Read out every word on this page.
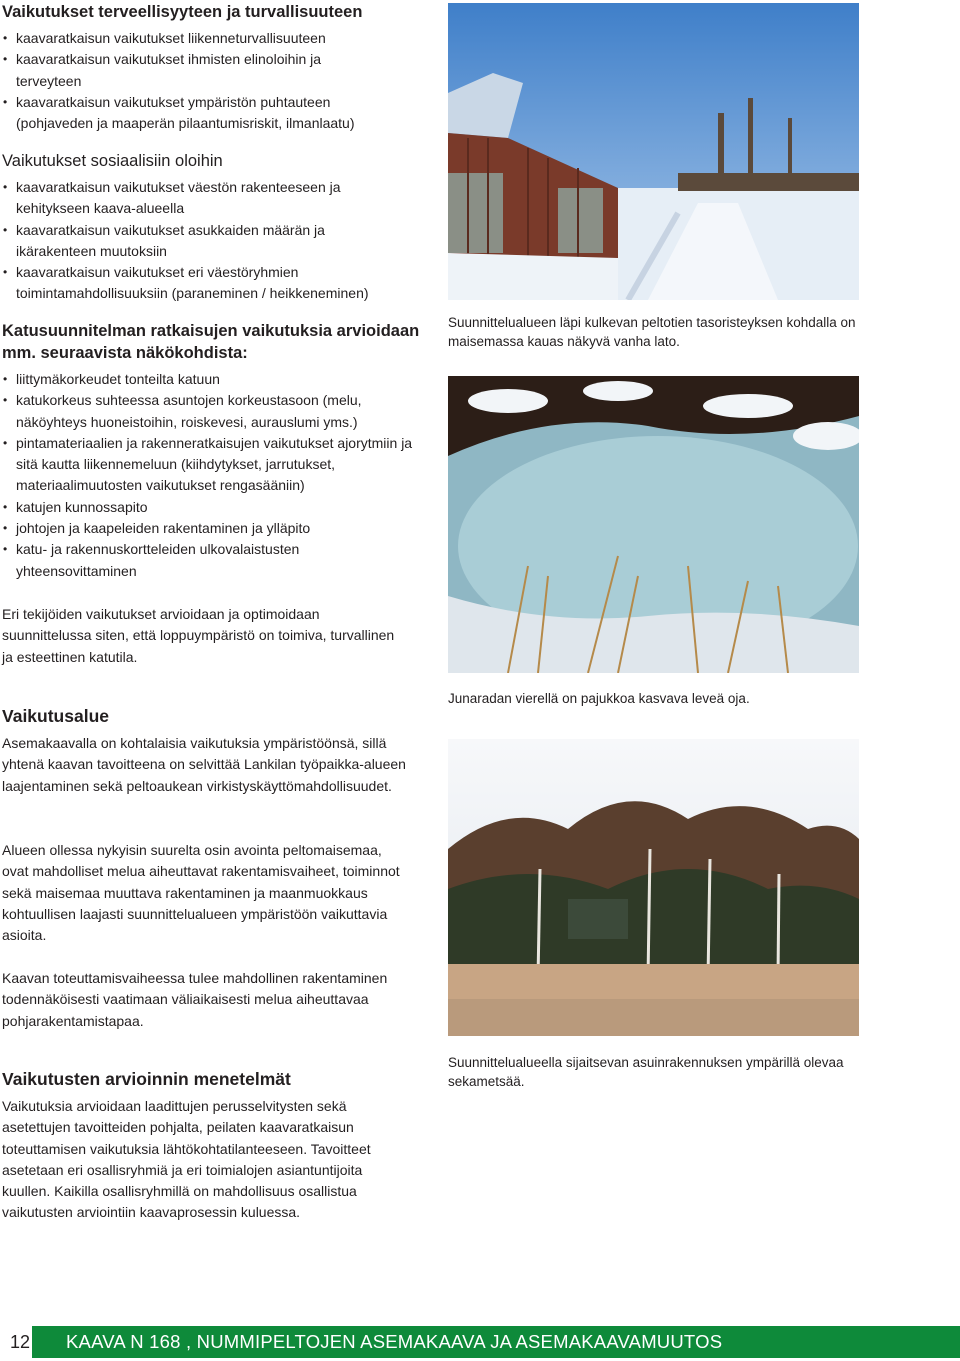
Vaikutukset terveellisyyteen ja turvallisuuteen
• kaavaratkaisun vaikutukset liikenneturvallisuuteen
• kaavaratkaisun vaikutukset ihmisten elinoloihin ja terveyteen
• kaavaratkaisun vaikutukset ympäristön puhtauteen (pohjaveden ja maaperän pilaantumisriskit, ilmanlaatu)
Vaikutukset sosiaalisiin oloihin
• kaavaratkaisun vaikutukset väestön rakenteeseen ja kehitykseen kaava-alueella
• kaavaratkaisun vaikutukset asukkaiden määrän ja ikärakenteen muutoksiin
• kaavaratkaisun vaikutukset eri väestöryhmien toimintamahdollisuuksiin (paraneminen / heikkeneminen)
Katusuunnitelman ratkaisujen vaikutuksia arvioidaan mm. seuraavista näkökohdista:
• liittymäkorkeudet tonteilta katuun
• katukorkeus suhteessa asuntojen korkeustasoon (melu, näköyhteys huoneistoihin, roiskevesi, aurauslumi yms.)
• pintamateriaalien ja rakenneratkaisujen vaikutukset ajorytmiin ja sitä kautta liikennemeluun (kiihdytykset, jarrutukset, materiaalimuutosten vaikutukset rengasääniin)
• katujen kunnossapito
• johtojen ja kaapeleiden rakentaminen ja ylläpito
• katu- ja rakennuskortteleiden ulkovalaistusten yhteensovittaminen

Eri tekijöiden vaikutukset arvioidaan ja optimoidaan suunnittelussa siten, että loppuympäristö on toimiva, turvallinen ja esteettinen katutila.

Vaikutusalue

Asemakaavalla on kohtalaisia vaikutuksia ympäristöönsä, sillä yhtenä kaavan tavoitteena on selvittää Lankilan työpaikka-alueen laajentaminen sekä peltoaukean virkistyskäyttömahdollisuudet.

Alueen ollessa nykyisin suurelta osin avointa peltomaisemaa, ovat mahdolliset melua aiheuttavat rakentamisvaiheet, toiminnot sekä maisemaa muuttava rakentaminen ja maanmuokkaus kohtuullisen laajasti suunnittelualueen ympäristöön vaikuttavia asioita.

Kaavan toteuttamisvaiheessa tulee mahdollinen rakentaminen todennäköisesti vaatimaan väliaikaisesti melua aiheuttavaa pohjarakentamistapaa.

Vaikutusten arvioinnin menetelmät

Vaikutuksia arvioidaan laadittujen perusselvitysten sekä asetettujen tavoitteiden pohjalta, peilaten kaavaratkaisun toteuttamisen vaikutuksia lähtökohtatilanteeseen. Tavoitteet asetetaan eri osallisryhmiä ja eri toimialojen asiantuntijoita kuullen. Kaikilla osallisryhmillä on mahdollisuus osallistua vaikutusten arviointiin kaavaprosessin kuluessa.

Suunnittelualueen läpi kulkevan peltotien tasoristeyksen kohdalla on maisemassa kauas näkyvä vanha lato.
Junaradan vierellä on pajukkoa kasvava leveä oja.
Suunnittelualueella sijaitsevan asuinrakennuksen ympärillä olevaa sekametsää.
12 KAAVA N 168 , NUMMIPELTOJEN ASEMAKAAVA JA ASEMAKAAVAMUUTOS
